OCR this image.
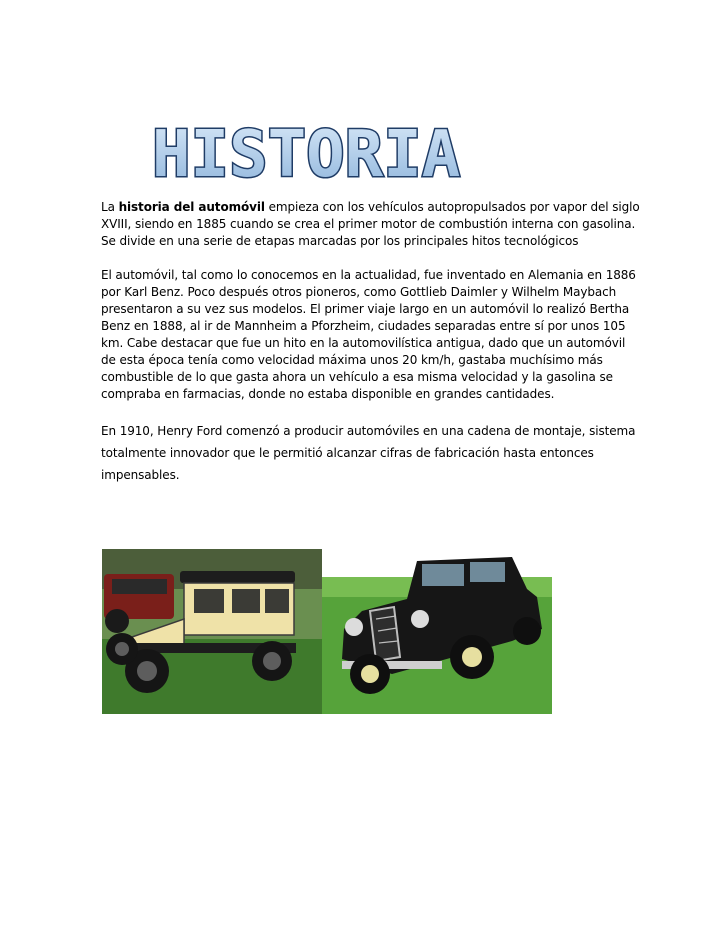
HISTORIA

La historia del automóvil empieza con los vehículos autopropulsados por vapor del siglo XVIII, siendo en 1885 cuando se crea el primer motor de combustión interna con gasolina. Se divide en una serie de etapas marcadas por los principales hitos tecnológicos

El automóvil, tal como lo conocemos en la actualidad, fue inventado en Alemania en 1886 por Karl Benz. Poco después otros pioneros, como Gottlieb Daimler y Wilhelm Maybach presentaron a su vez sus modelos. El primer viaje largo en un automóvil lo realizó Bertha Benz en 1888, al ir de Mannheim a Pforzheim, ciudades separadas entre sí por unos 105 km. Cabe destacar que fue un hito en la automovilística antigua, dado que un automóvil de esta época tenía como velocidad máxima unos 20 km/h, gastaba muchísimo más combustible de lo que gasta ahora un vehículo a esa misma velocidad y la gasolina se compraba en farmacias, donde no estaba disponible en grandes cantidades.

En 1910, Henry Ford comenzó a producir automóviles en una cadena de montaje, sistema totalmente innovador que le permitió alcanzar cifras de fabricación hasta entonces impensables.
